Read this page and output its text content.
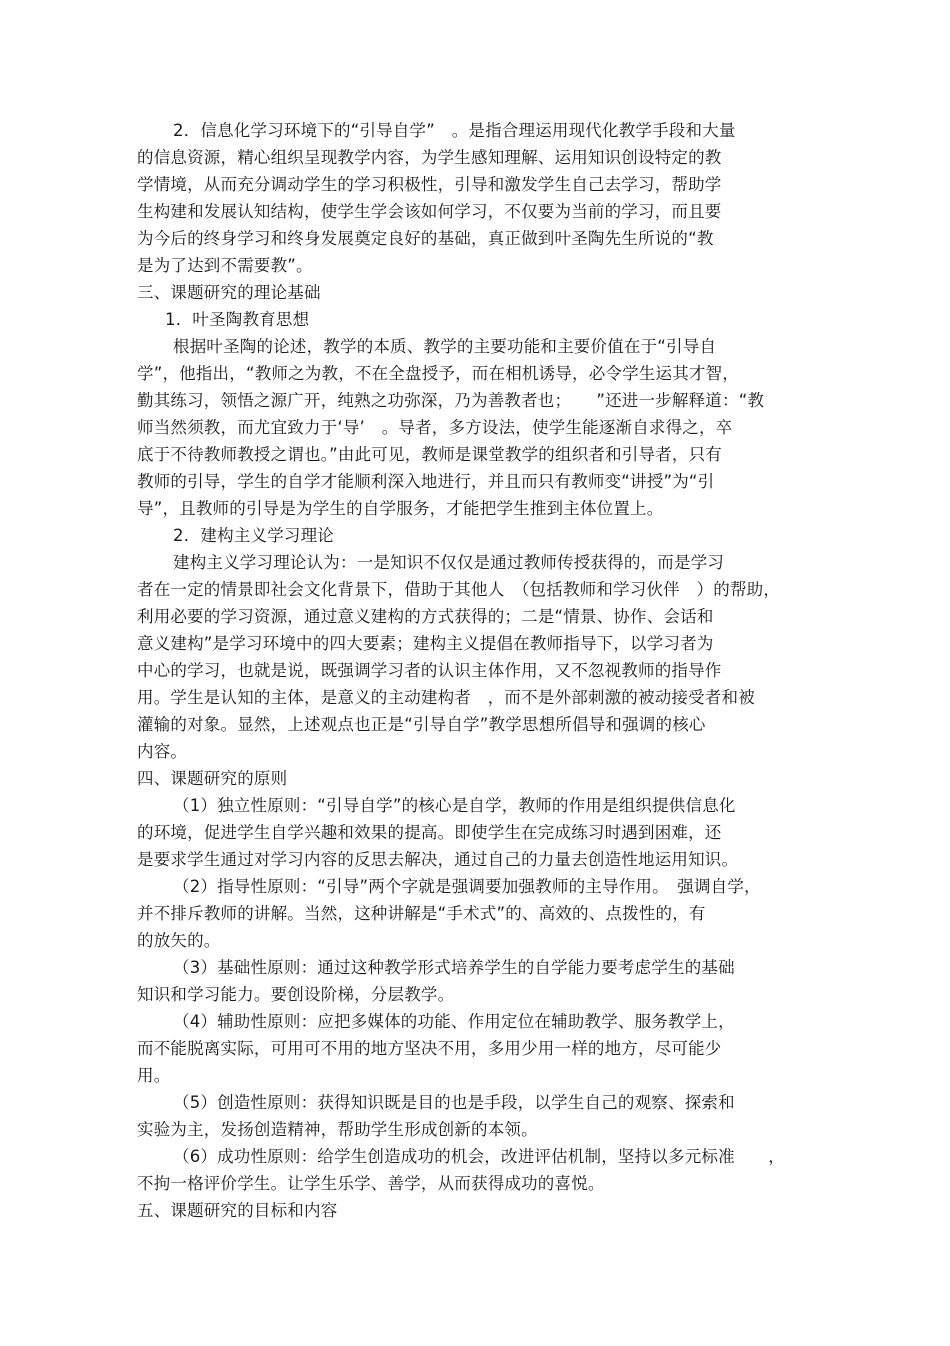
2．信息化学习环境下的“引导自学”　。是指合理运用现代化教学手段和大量
的信息资源，精心组织呈现教学内容，为学生感知理解、运用知识创设特定的教
学情境，从而充分调动学生的学习积极性，引导和激发学生自己去学习，帮助学
生构建和发展认知结构，使学生学会该如何学习，不仅要为当前的学习，而且要
为今后的终身学习和终身发展奠定良好的基础，真正做到叶圣陶先生所说的“教
是为了达到不需要教”。
三、课题研究的理论基础
1．叶圣陶教育思想
根据叶圣陶的论述，教学的本质、教学的主要功能和主要价值在于“引导自
学”，他指出，“教师之为教，不在全盘授予，而在相机诱导，必令学生运其才智，
勤其练习，领悟之源广开，纯熟之功弥深，乃为善教者也；　　”还进一步解释道：“教
师当然须教，而尤宜致力于‘导’　。导者，多方设法，使学生能逐渐自求得之，卒
底于不待教师教授之谓也。”由此可见，教师是课堂教学的组织者和引导者，只有
教师的引导，学生的自学才能顺利深入地进行，并且而只有教师变“讲授”为“引
导”，且教师的引导是为学生的自学服务，才能把学生推到主体位置上。
2．建构主义学习理论
建构主义学习理论认为：一是知识不仅仅是通过教师传授获得的，而是学习
者在一定的情景即社会文化背景下，借助于其他人　（包括教师和学习伙伴　）的帮助，
利用必要的学习资源，通过意义建构的方式获得的；二是“情景、协作、会话和
意义建构”是学习环境中的四大要素；建构主义提倡在教师指导下，以学习者为
中心的学习，也就是说，既强调学习者的认识主体作用，又不忽视教师的指导作
用。学生是认知的主体，是意义的主动建构者　，而不是外部刺激的被动接受者和被
灌输的对象。显然，上述观点也正是“引导自学”教学思想所倡导和强调的核心
内容。
四、课题研究的原则
（1）独立性原则：“引导自学”的核心是自学，教师的作用是组织提供信息化
的环境，促进学生自学兴趣和效果的提高。即使学生在完成练习时遇到困难，还
是要求学生通过对学习内容的反思去解决，通过自己的力量去创造性地运用知识。
（2）指导性原则：“引导”两个字就是强调要加强教师的主导作用。　强调自学，
并不排斥教师的讲解。当然，这种讲解是“手术式”的、高效的、点拨性的，有
的放矢的。
（3）基础性原则：通过这种教学形式培养学生的自学能力要考虑学生的基础
知识和学习能力。要创设阶梯，分层教学。
（4）辅助性原则：应把多媒体的功能、作用定位在辅助教学、服务教学上，
而不能脱离实际，可用可不用的地方坚决不用，多用少用一样的地方，尽可能少
用。
（5）创造性原则：获得知识既是目的也是手段，以学生自己的观察、探索和
实验为主，发扬创造精神，帮助学生形成创新的本领。
（6）成功性原则：给学生创造成功的机会，改进评估机制，坚持以多元标准　　，
不拘一格评价学生。让学生乐学、善学，从而获得成功的喜悦。
五、课题研究的目标和内容
